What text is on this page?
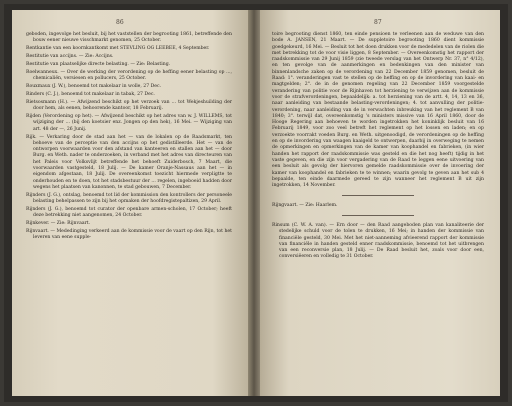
86

geboden, ingevolge het besluit, bij het vaststellen der begrooting 1861, betreffende den bouw eener nieuwe visschmarkt genomen, 25 October.

Rentkantie van een koornkantkomt met STEVLING OG LEEBEE, 4 September.

Restitutie van accijns. — Zie: Accijns.

Restitutie van plaatselijke directe belasting. — Zie: Belasting.

Roelwanneux. — Over de werking der verordening op de heffing eener belasting op ..., chemicaliën, versiesen en pollucers, 25 October.

Rouxmaux (J. W.), benoemd tot makelaar in wolle, 27 Dec.

Rinders (C. J.), benoemd tot makelaar in tabak, 27 Dec.

Rietsosmann (H.). — Afwijzend beschikt op het verzoek van ... tot Wekjeshuilding der door hem, als eenen, behoorende kantoor, 18 Februarij.

Rijden (Verordening op het). — Afwijzend beschikt op het adres van w. J. WILLEMS, tot wijziging der ... (bij den koetsier enz. Jongen op den hek), 16 Mei. — Wijziging van art. 48 der —, 26 Junij.

Rijk. — Verkaring door de stad aan het — van de lokalen op de Raadsmarkt, ten behoeve van de perceptie van den accijns op het gedistilleerde. Het — van de ontworpen voorwaarden voor den afstand van kanteeren en stallen aan het — door Burg. en Weth. nader te onderzoeken, in verband met het adres van directeuren van het Paleis voor Volksvlijt betreffende het behoeft Zuiderbosch, 7 Maart, die voorwaarden vastgesteld, 18 Julij. — De kamer Oranje-Nassaus aan het — in eigendom afgestaan, 18 Julij. De overeenkomst toezicht hiermede verpligtte te onderhouden en te doen, tot het stadsbestuur der ... regelen, ingeboeid hadden door wegens het plaatsen van kanonnen, te stad gebouwen, 7 December.

Rijnders (J. G.), ontslag, benoemd tot lid der kommission den kontrollers der personeele belasting behelpassen te zijn bij het opmaken der hoofdregistepaltizen, 29 April.

Rijnders (J. G.), benoemd tot curator der openbare armen-scholen, 17 October; heeft deze betrekking niet aangenomen, 24 October.

Rijnkever. — Zie: Rijnvaart.

Rijnvaart. — Mededinging verkeerd aan de kommissie voor de vaart op den Rijn, tot het leveren van eene supple-

87

toire begrooting dienst 1860, ten einde pensioen te verleenen aan de weduwe van den bode A. JANSEN, 21 Maart. — De suppletoire begrooting 1860 dient kommissie goedgekeurd, 16 Mei. — Besluit tot het doen drukken voor de mededelen van de riolen die met betrekking tot de voor visie liggen, 8 September. — Overeenkomstig het rapport der raadskommissie van 29 Junij 1859 (zie tweede verslag van het Ontwerp Nr. 37, n° 4/12), en ten gevolge van de aanmerkingen en bedenkingen van den minister van binnenlandsche zaken op de verordening van 22 December 1859 genomen, besluit de Raad: 1°. veranderingen vast te stellen op de heffing en op de invordering van kaai- en magtgelden; 2°. de in de genomen regeling van 22 December 1859 voorgestelde verandering van politie voor de Rijnhaven tot herziening te verwijzen aan de kommissie voor de strafverordeningen, bepaaldelijk: a. tot herziening van de artt. 4, 14, 13 en 36, naar aanleiding van bestaande belasting-verordeningen; 4. tot aanvulling der politie-verordening, naar aanleiding van de in verwachten inbreuking van het reglement B van 1840; 3°. terwijl dat, overeenkomstig 's ministers missive van 16 April 1860, door de Hooge Regering aan behoeven te worden ingetrokken het koninklijk besluit van 16 Februarij 1849, voor zoo veel betreft het reglement op het lossen en laden; en op verzoekte voorrakt voeden Burg. en Weth. uitgenoodigd, de verordeningen op de heffing en op de invordering van waagen kaaigeld te ontwerpen, daarbij in overweging te nemen de opmerkingen en opmerkingen van de kamer van koophandel en fabrieken, (in wier handen het rapport der raadskommissie was gesteld en die het nog heeft) tijdig in het vaste gegeven, en die zijn voor vergadering van de Raad te leggen eene uitvoering van een besluit als gevolg der hiervoren gemelde raadskommissie over de invoering der kamer van koophandel en fabrieken te te winnen; waarin gevolg te geven aan het sub 4 bepaalde, ten einde daarmede gereed te zijn wanneer het reglement B uit zijn ingetrokken, 14 November.

Rijngvaart. — Zie: Haarlem.

Rinsum (C. W. A. van). — Ern door — den Raad aangeboden plan van kanaliteerie der stedelijke schuld voor de tolen te drukken, 16 Mei; in handen der kommissie van financiële gesteld, 30 Mei. Met het niet-aanneming afvieerend rapport der kommissie van financiële in handen gesteld enner raadskommissie, benoemd tot het uitbrengen van een reconversie plan, 18 Julij. — De Raad besluit het, zoals voor door een, conversiëeren en volledig te 31 October.
